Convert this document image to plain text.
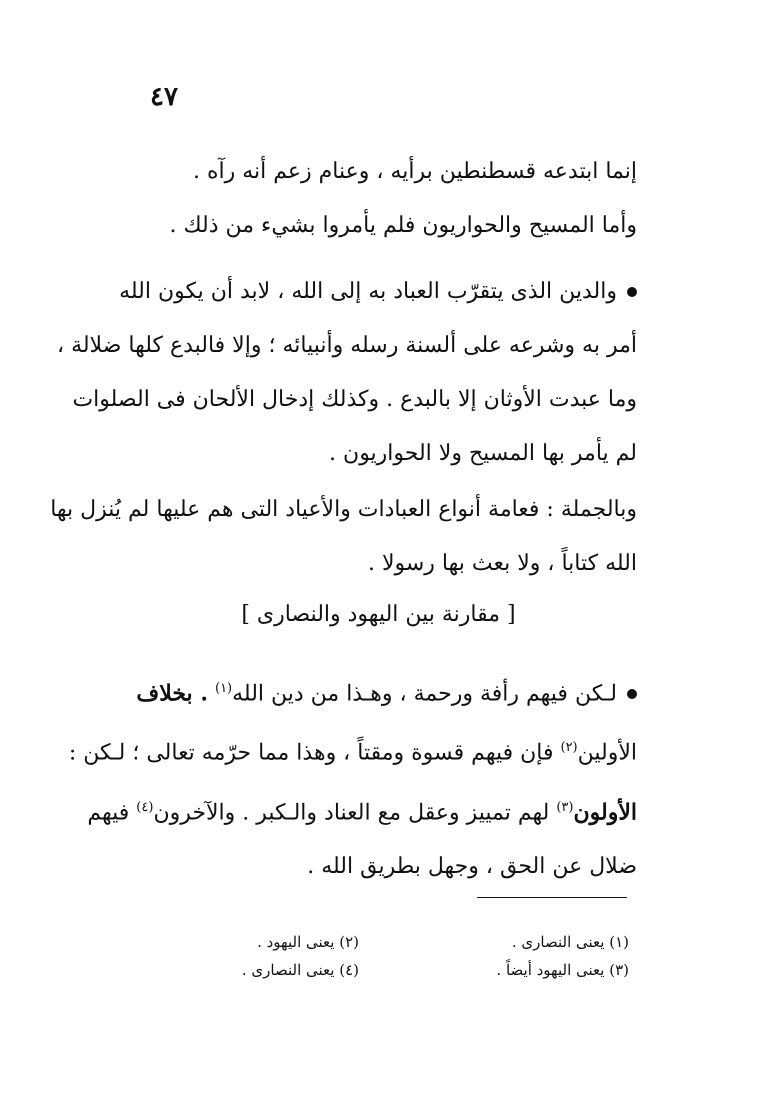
٤٧
إنما ابتدعه قسطنطين برأيه ، وعنام زعم أنه رآه .
وأما المسيح والحواريون فلم يأمروا بشيء من ذلك .
والدين الذى يتقرّب العباد به إلى الله ، لابد أن يكون الله
أمر به وشرعه على ألسنة رسله وأنبيائه ؛ وإلا فالبدع كلها ضلالة ،
وما عبدت الأوثان إلا بالبدع . وكذلك إدخال الألحان فى الصلوات
لم يأمر بها المسيح ولا الحواريون .
وبالجملة : فعامة أنواع العبادات والأعياد التى هم عليها لم يُنزل بها
الله كتاباً ، ولا بعث بها رسولا .
[ مقارنة بين اليهود والنصارى ]
لـكن فيهم رأفة ورحمة ، وهـذا من دين الله$^{(١)}$ . بخلاف
الأولين$^{(٢)}$ فإن فيهم قسوة ومقتاً ، وهذا مما حرّمه تعالى ؛ لـكن :
الأولون$^{(٣)}$ لهم تمييز وعقل مع العناد والـكبر . والآخرون$^{(٤)}$ فيهم
ضلال عن الحق ، وجهل بطريق الله .
(١) يعنى النصارى .
(٢) يعنى اليهود .
(٣) يعنى اليهود أيضاً .
(٤) يعنى النصارى .
